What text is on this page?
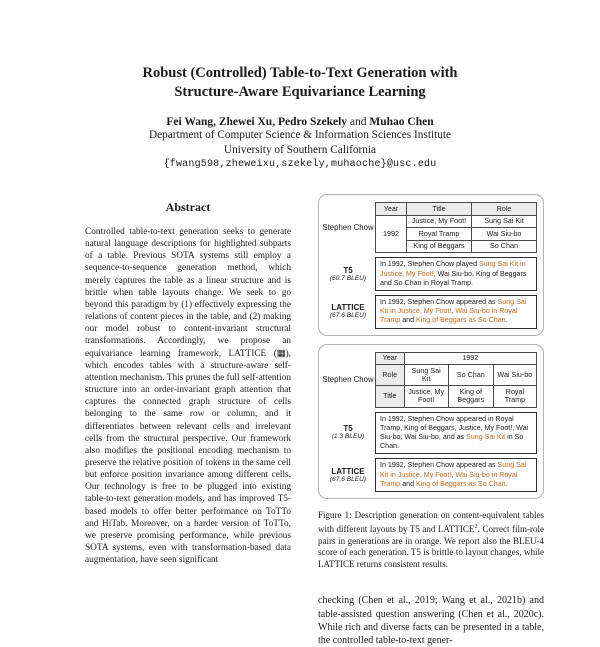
Robust (Controlled) Table-to-Text Generation with
Structure-Aware Equivariance Learning
Fei Wang, Zhewei Xu, Pedro Szekely and Muhao Chen
Department of Computer Science & Information Sciences Institute
University of Southern California
{fwang598,zheweixu,szekely,muhaoche}@usc.edu
Abstract

Controlled table-to-text generation seeks to generate natural language descriptions for highlighted subparts of a table. Previous SOTA systems still employ a sequence-to-sequence generation method, which merely captures the table as a linear structure and is brittle when table layouts change. We seek to go beyond this paradigm by (1) effectively expressing the relations of content pieces in the table, and (2) making our model robust to content-invariant structural transformations. Accordingly, we propose an equivariance learning framework, LATTICE (▦), which encodes tables with a structure-aware self-attention mechanism. This prunes the full self-attention structure into an order-invariant graph attention that captures the connected graph structure of cells belonging to the same row or column, and it differentiates between relevant cells and irrelevant cells from the structural perspective. Our framework also modifies the positional encoding mechanism to preserve the relative position of tokens in the same cell but enforce position invariance among different cells. Our technology is free to be plugged into existing table-to-text generation models, and has improved T5-based models to offer better performance on ToTTo and HiTab. Moreover, on a harder version of ToTTo, we preserve promising performance, while previous SOTA systems, even with transformation-based data augmentation, have seen significant

Stephen Chow
Year	Title	Role
1992	Justice, My Foot!	Sung Sai Kit
	Royal Tramp	Wai Siu-bo
	King of Beggars	So Chan
T5
(60.7 BLEU)
In 1992, Stephen Chow played Sung Sai Kit in Justice, My Foot!, Wai Siu-bo, King of Beggars and So Chan in Royal Tramp.
LATTICE
(67.6 BLEU)
In 1992, Stephen Chow appeared as Sung Sai Kit in Justice, My Foot!, Wai Siu-bo in Royal Tramp and King of Beggars as So Chan.
Stephen Chow
Year	1992		
Role	Sung Sai Kit	So Chan	Wai Siu-bo
Title	Justice, My Foot!	King of Beggars	Royal Tramp
T5
(1.3 BLEU)
In 1992, Stephen Chow appeared in Royal Tramp, King of Beggars, Justice, My Foot!, Wai Siu-bo, Wai Siu-bo, and as Sung Sai Kit in So Chan.
LATTICE
(67.6 BLEU)
In 1992, Stephen Chow appeared as Sung Sai Kit in Justice, My Foot!, Wai Siu-bo in Royal Tramp and King of Beggars as So Chan.
Figure 1: Description generation on content-equivalent tables with different layouts by T5 and LATTICE$^2$. Correct film-role pairs in generations are in orange. We report also the BLEU-4 score of each generation. T5 is brittle to layout changes, while LATTICE returns consistent results.

checking (Chen et al., 2019; Wang et al., 2021b) and table-assisted question answering (Chen et al., 2020c). While rich and diverse facts can be presented in a table, the controlled table-to-text gener-
